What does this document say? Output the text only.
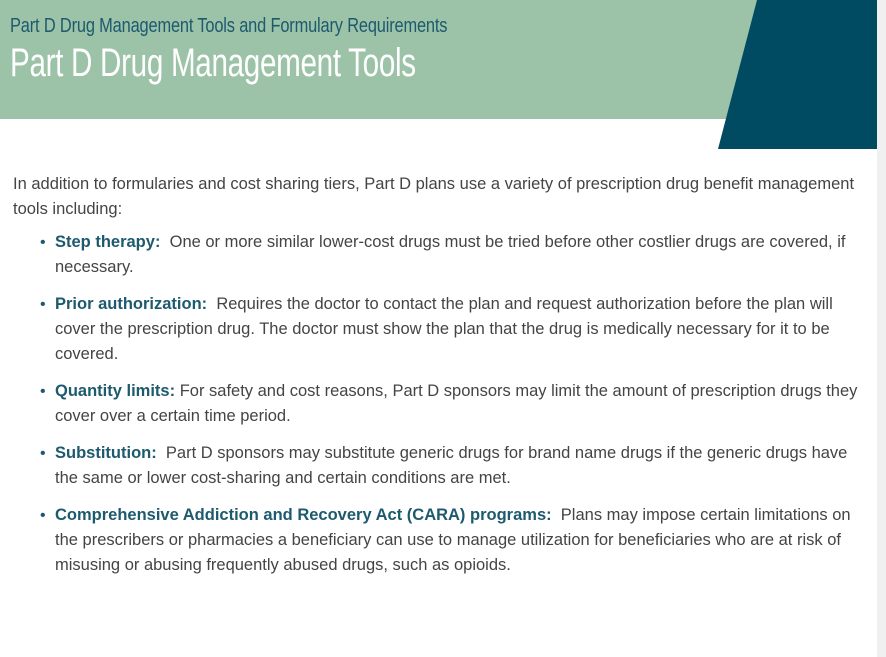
Part D Drug Management Tools and Formulary Requirements
Part D Drug Management Tools

In addition to formularies and cost sharing tiers, Part D plans use a variety of prescription drug benefit management tools including:

• Step therapy: One or more similar lower-cost drugs must be tried before other costlier drugs are covered, if necessary.
• Prior authorization: Requires the doctor to contact the plan and request authorization before the plan will cover the prescription drug. The doctor must show the plan that the drug is medically necessary for it to be covered.
• Quantity limits: For safety and cost reasons, Part D sponsors may limit the amount of prescription drugs they cover over a certain time period.
• Substitution: Part D sponsors may substitute generic drugs for brand name drugs if the generic drugs have the same or lower cost-sharing and certain conditions are met.
• Comprehensive Addiction and Recovery Act (CARA) programs: Plans may impose certain limitations on the prescribers or pharmacies a beneficiary can use to manage utilization for beneficiaries who are at risk of misusing or abusing frequently abused drugs, such as opioids.
